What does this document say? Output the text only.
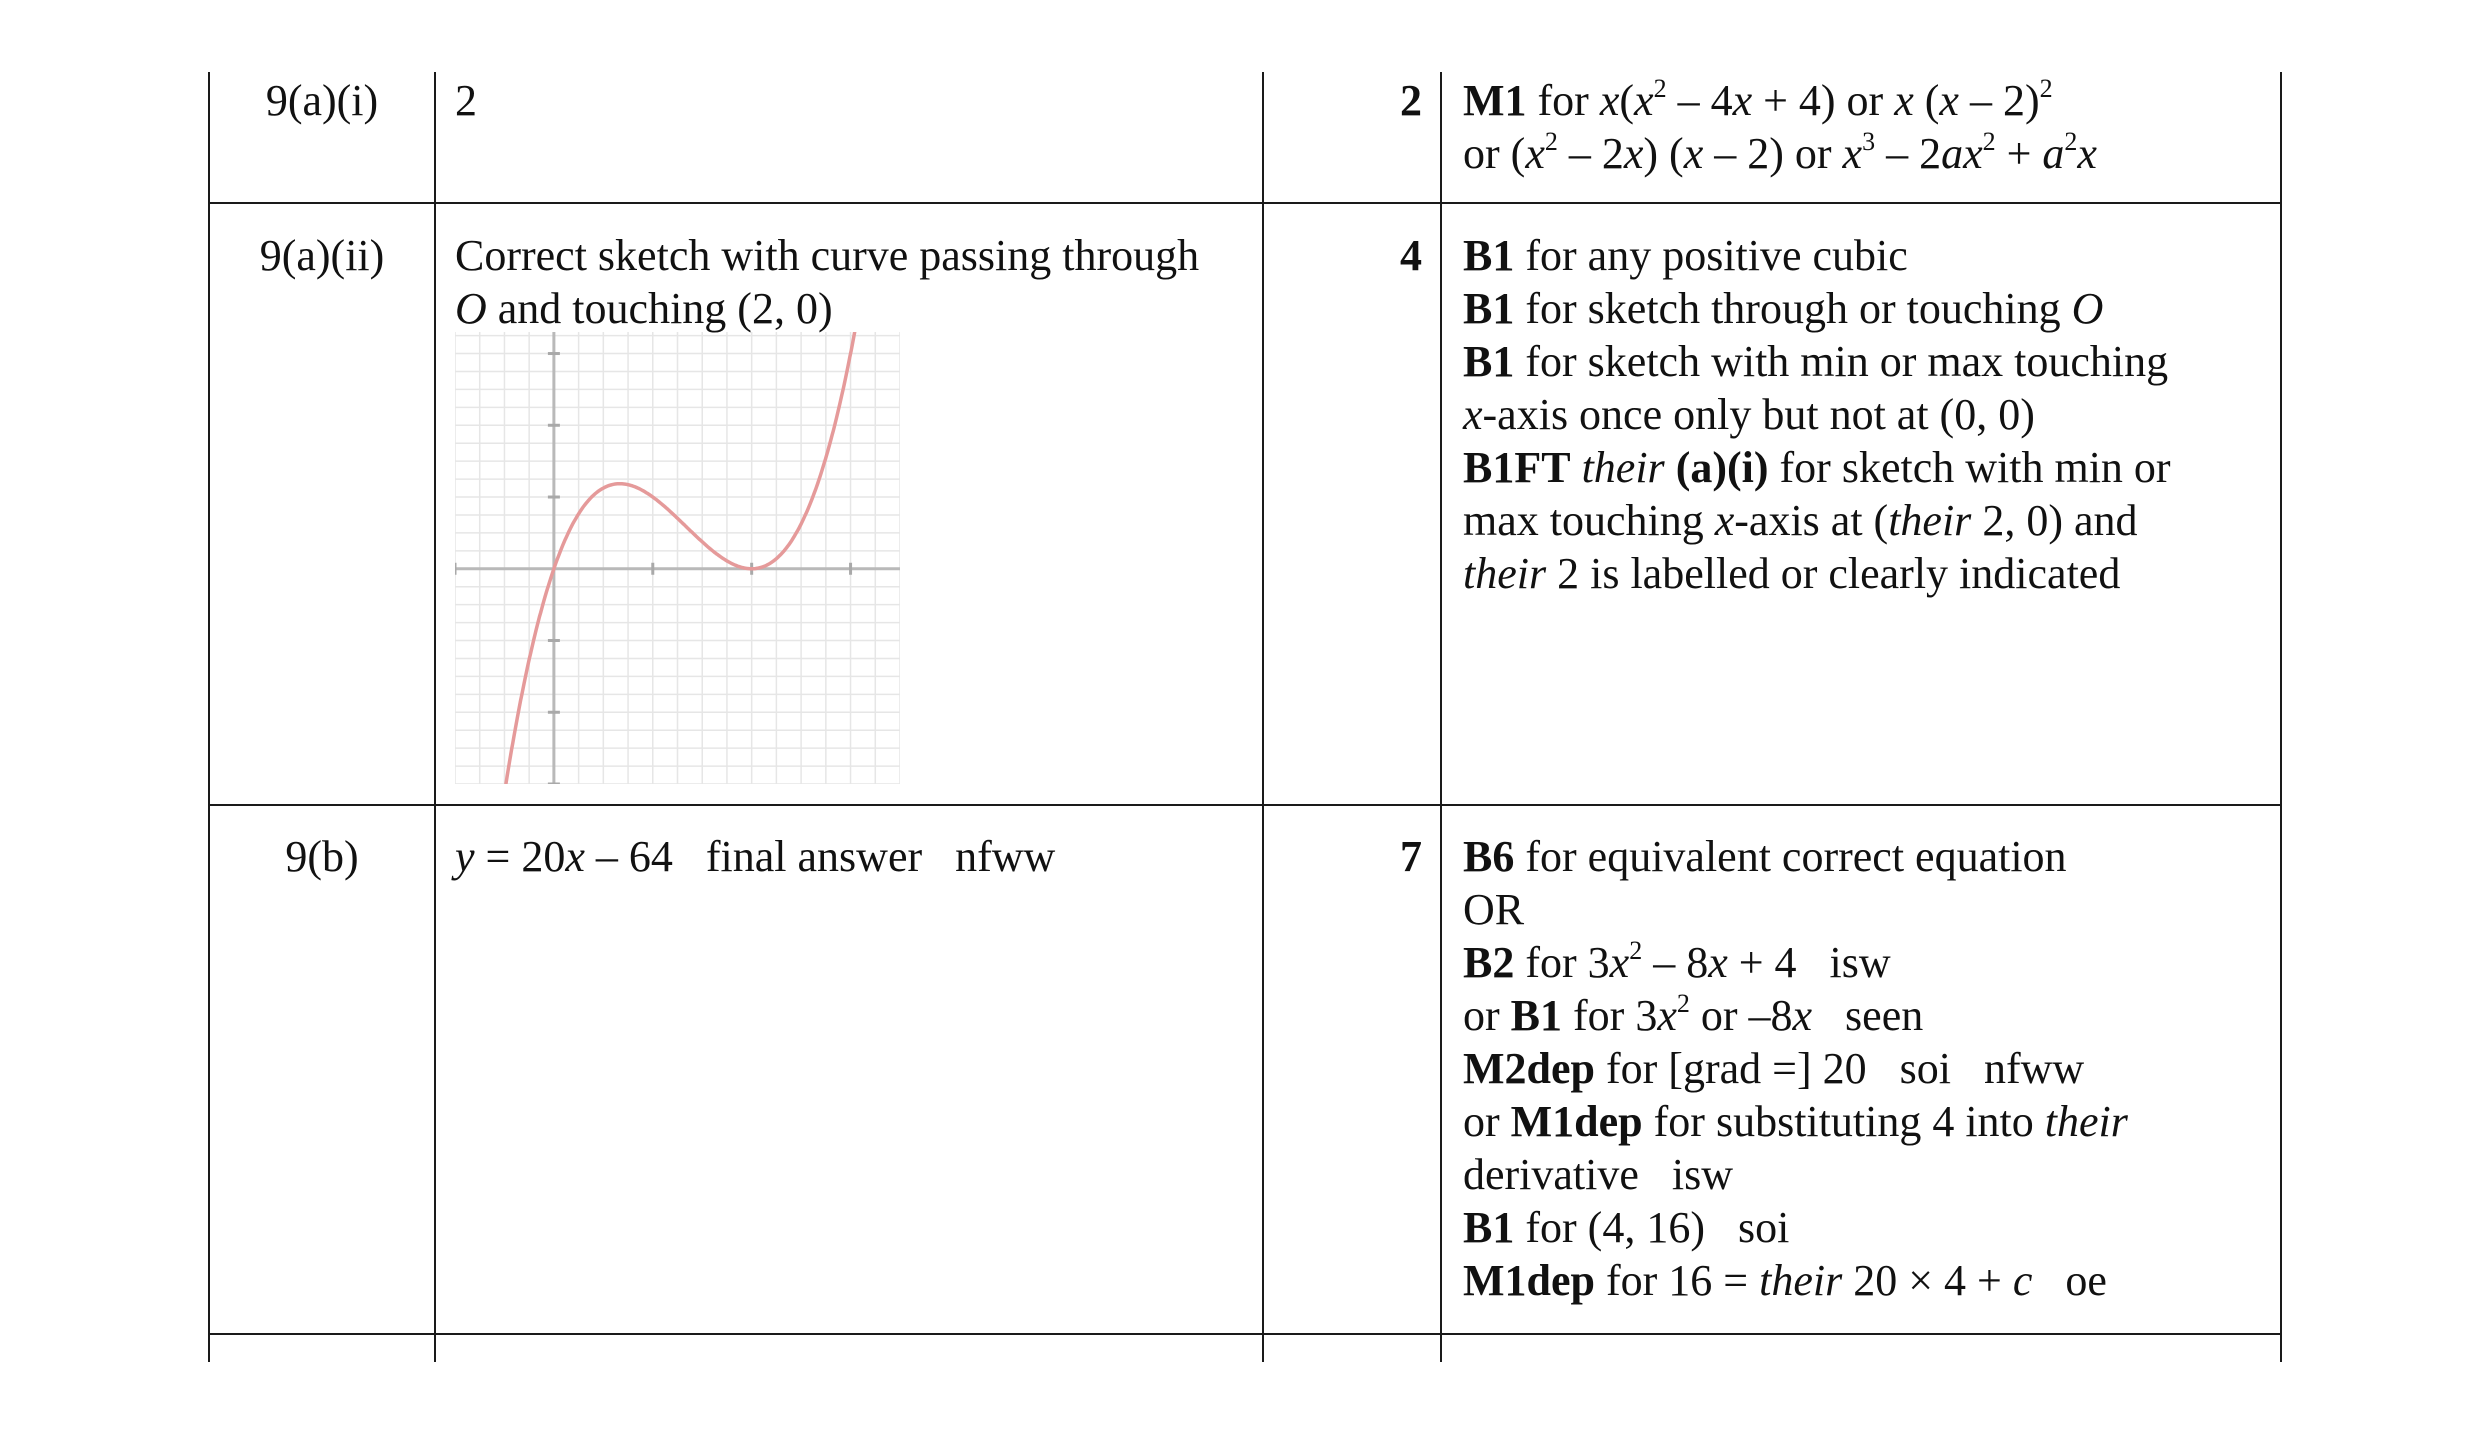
9(a)(i)	2	2 M1 for $x(x^2 - 4x + 4)$ or x (x – 2)$^2$
or $(x^2 - 2x)$ (x – 2) or $x^3 - 2ax^2 + a^2x$
9(a)(ii)	Correct sketch with curve passing through
O and touching (2, 0)
4 B1 for any positive cubic
B1 for sketch through or touching O
B1 for sketch with min or max touching
x-axis once only but not at (0, 0)
B1FT their (a)(i) for sketch with min or
max touching x-axis at (their 2, 0) and
their 2 is labelled or clearly indicated
9(b)	y = 20x – 64   final answer   nfww	7 B6 for equivalent correct equation
OR
B2 for $3x^2 - 8x + 4$   isw
or B1 for $3x^2$ or –8x   seen
M2dep for [grad =] 20   soi   nfww
or M1dep for substituting 4 into their
derivative   isw
B1 for (4, 16)   soi
M1dep for 16 = their 20 × 4 + c   oe
